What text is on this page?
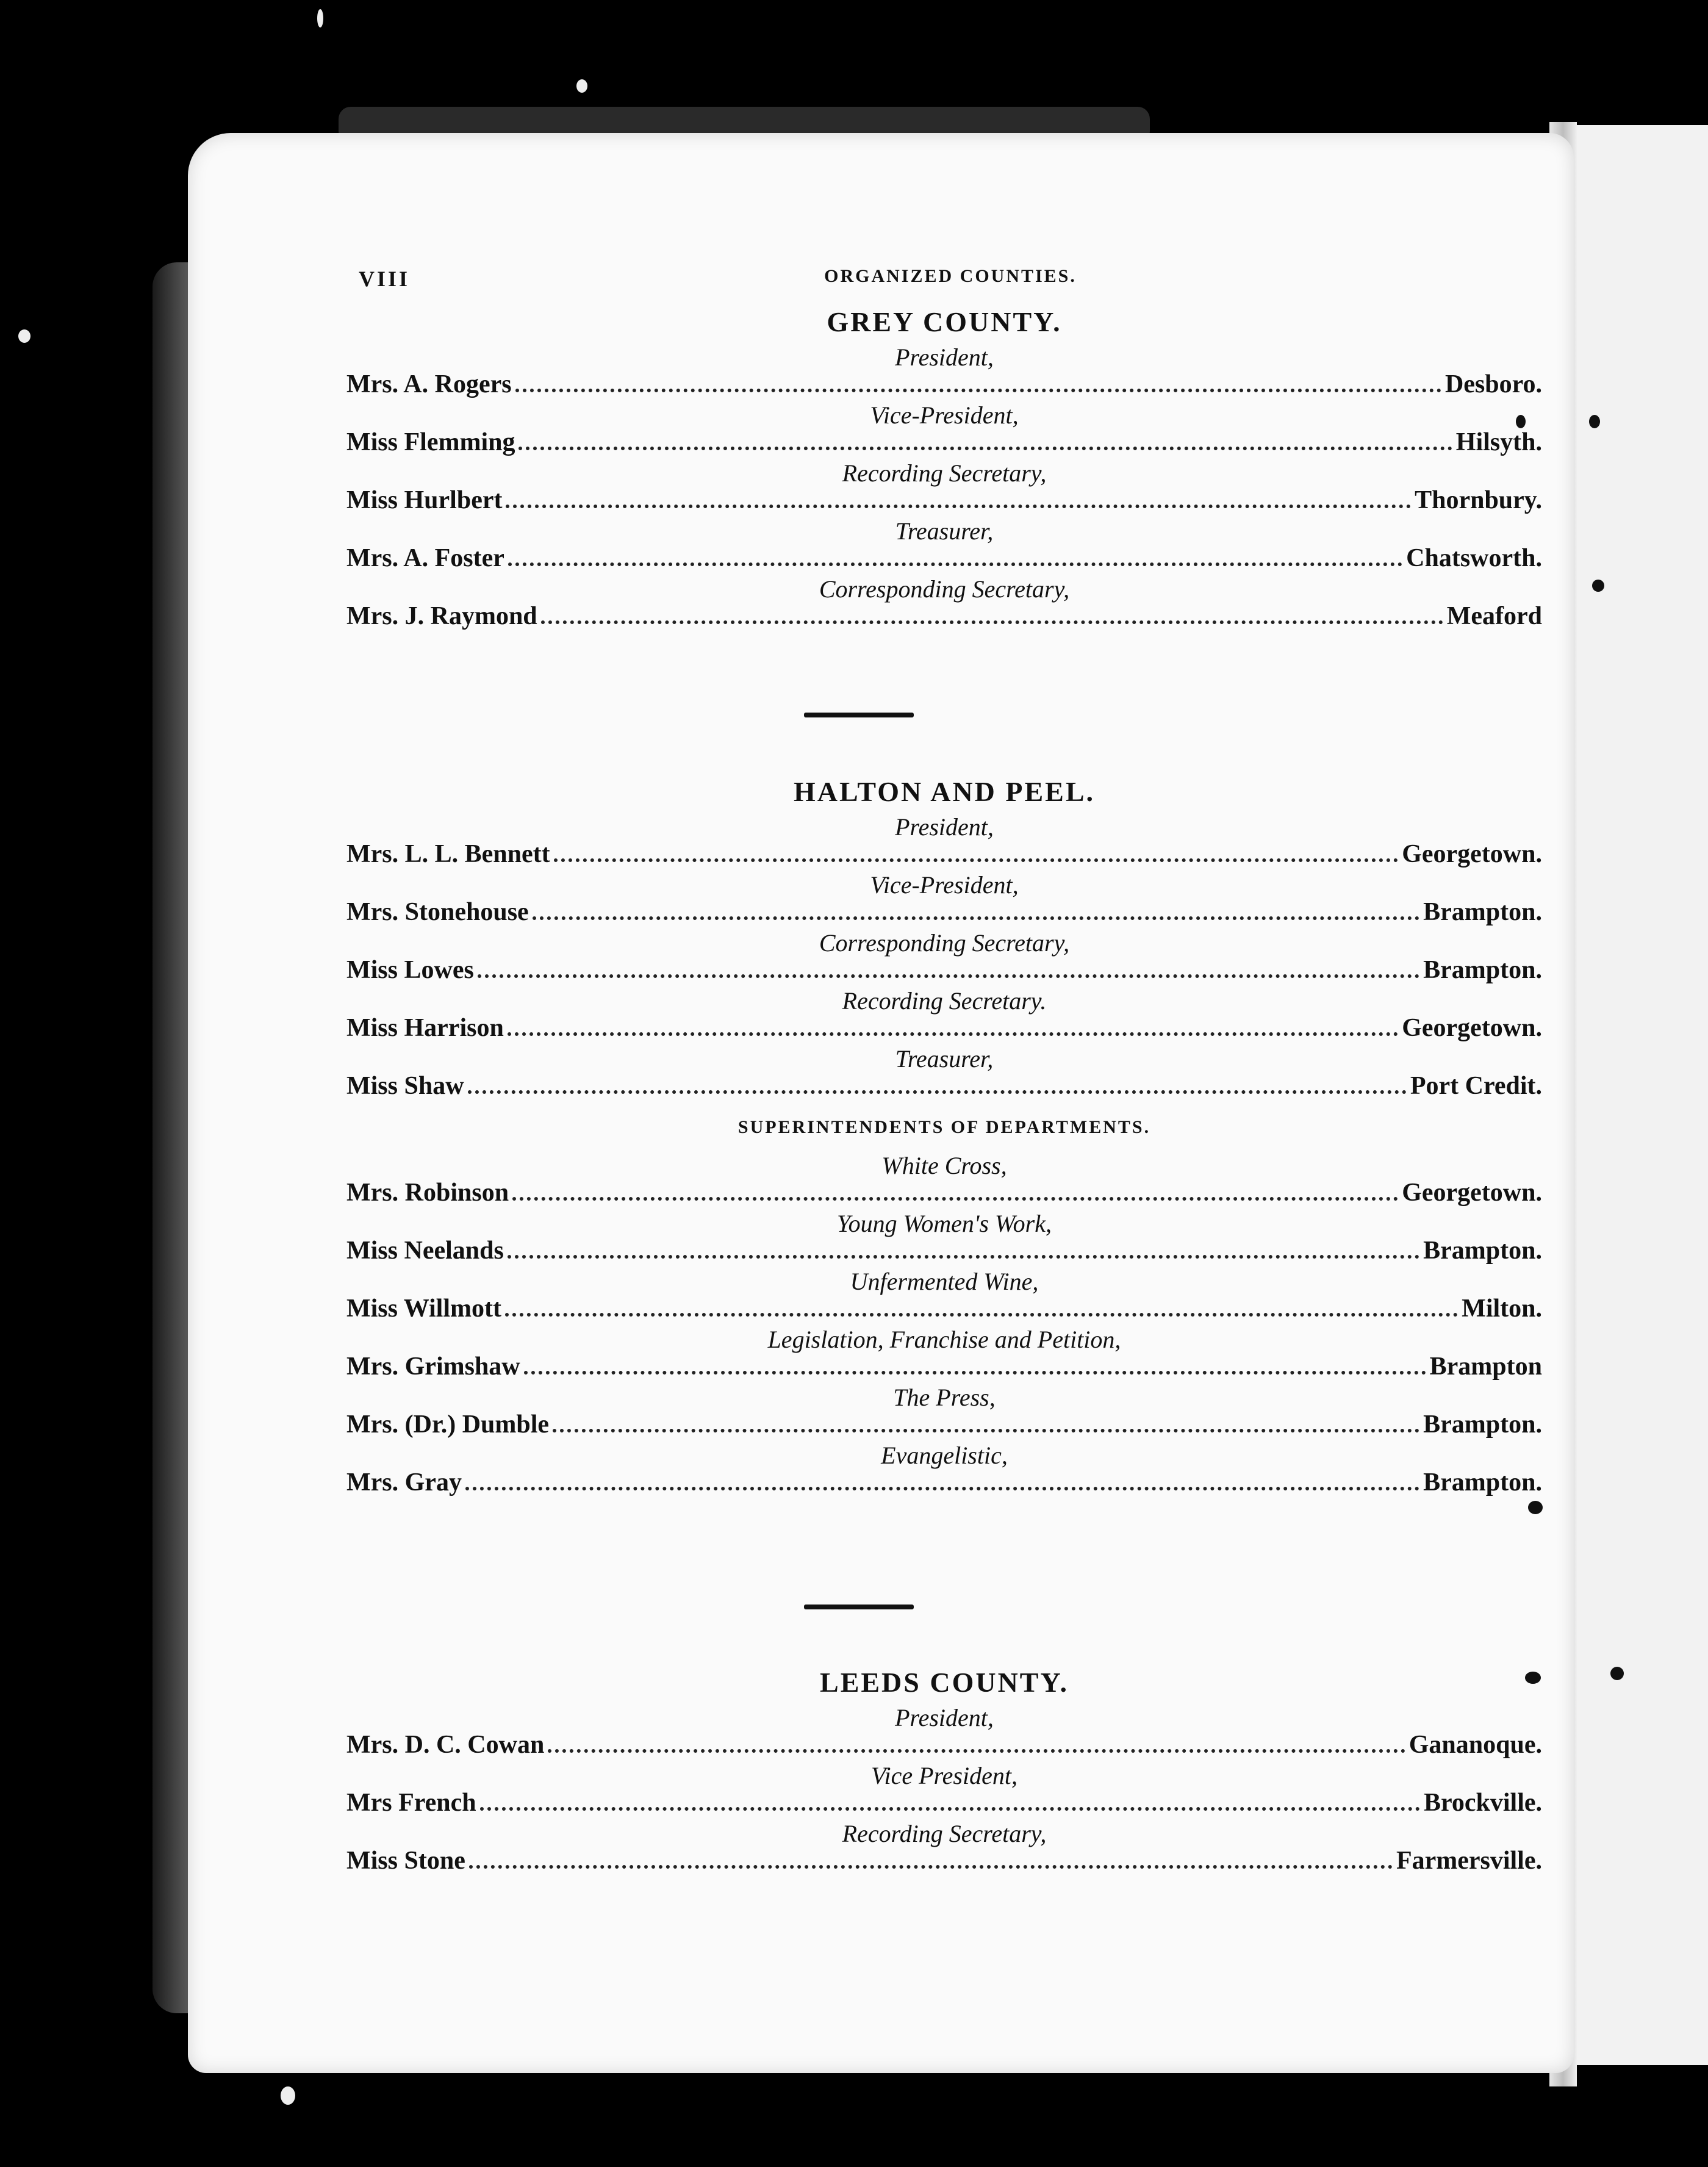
VIII	ORGANIZED COUNTIES.
GREY COUNTY.
President,
Mrs. A. Rogers	Desboro.
Vice-President,
Miss Flemming	Hilsyth.
Recording Secretary,
Miss Hurlbert	Thornbury.
Treasurer,
Mrs. A. Foster	Chatsworth.
Corresponding Secretary,
Mrs. J. Raymond	Meaford
HALTON AND PEEL.
President,
Mrs. L. L. Bennett	Georgetown.
Vice-President,
Mrs. Stonehouse	Brampton.
Corresponding Secretary,
Miss Lowes	Brampton.
Recording Secretary.
Miss Harrison	Georgetown.
Treasurer,
Miss Shaw	Port Credit.
SUPERINTENDENTS OF DEPARTMENTS.
White Cross,
Mrs. Robinson	Georgetown.
Young Women's Work,
Miss Neelands	Brampton.
Unfermented Wine,
Miss Willmott	Milton.
Legislation, Franchise and Petition,
Mrs. Grimshaw	Brampton
The Press,
Mrs. (Dr.) Dumble	Brampton.
Evangelistic,
Mrs. Gray	Brampton.
LEEDS COUNTY.
President,
Mrs. D. C. Cowan	Gananoque.
Vice President,
Mrs French	Brockville.
Recording Secretary,
Miss Stone	Farmersville.
